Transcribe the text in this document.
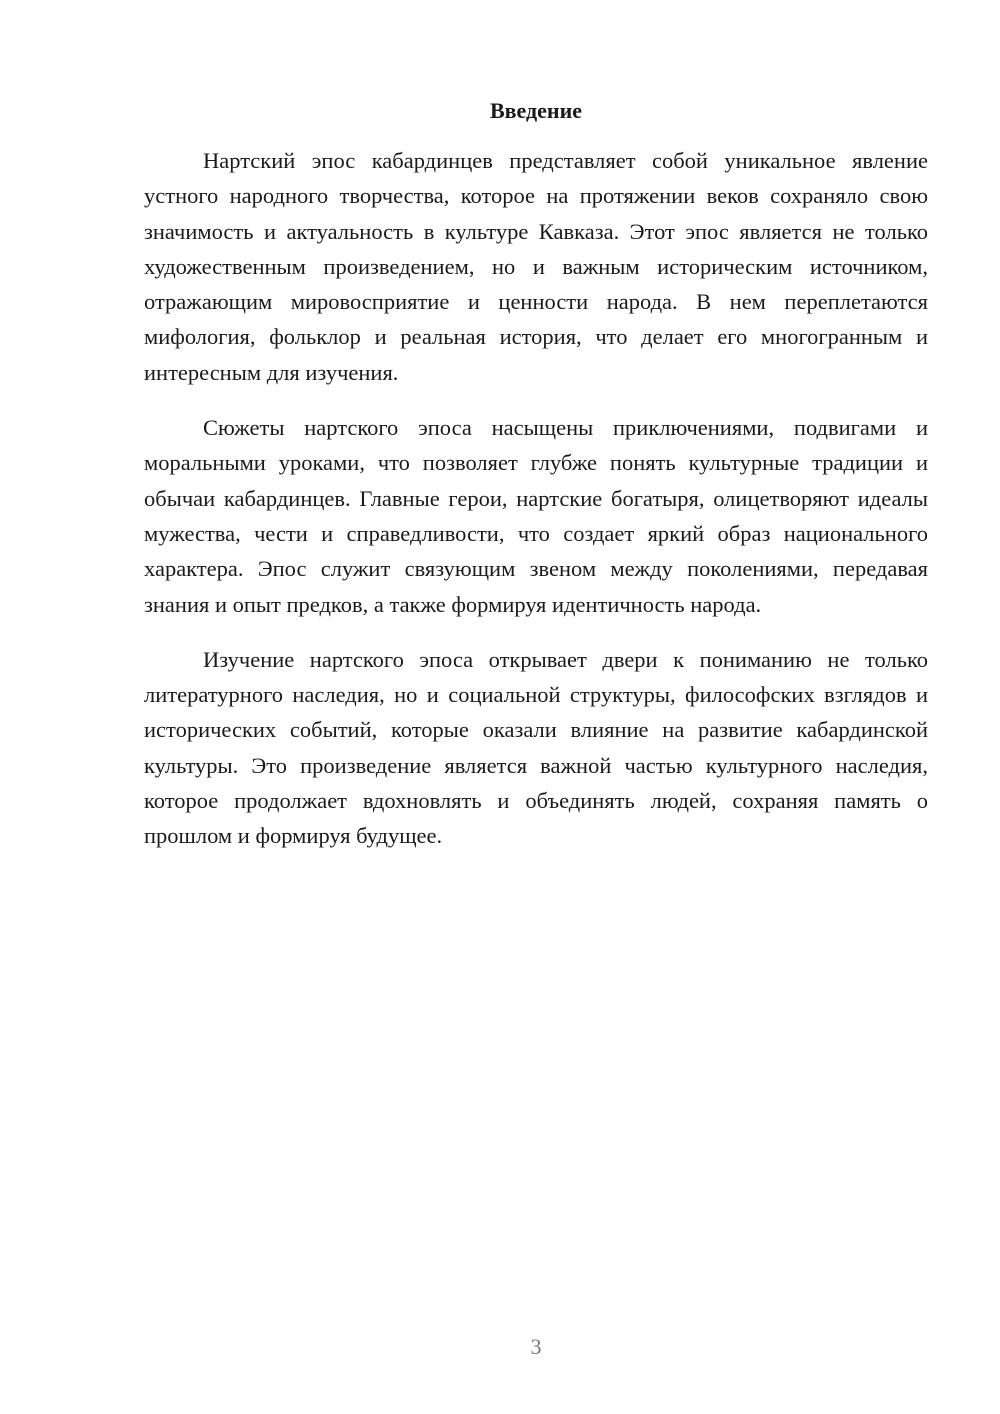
Введение

Нартский эпос кабардинцев представляет собой уникальное явление устного народного творчества, которое на протяжении веков сохраняло свою значимость и актуальность в культуре Кавказа. Этот эпос является не только художественным произведением, но и важным историческим источником, отражающим мировосприятие и ценности народа. В нем переплетаются мифология, фольклор и реальная история, что делает его многогранным и интересным для изучения.

Сюжеты нартского эпоса насыщены приключениями, подвигами и моральными уроками, что позволяет глубже понять культурные традиции и обычаи кабардинцев. Главные герои, нартские богатыря, олицетворяют идеалы мужества, чести и справедливости, что создает яркий образ национального характера. Эпос служит связующим звеном между поколениями, передавая знания и опыт предков, а также формируя идентичность народа.

Изучение нартского эпоса открывает двери к пониманию не только литературного наследия, но и социальной структуры, философских взглядов и исторических событий, которые оказали влияние на развитие кабардинской культуры. Это произведение является важной частью культурного наследия, которое продолжает вдохновлять и объединять людей, сохраняя память о прошлом и формируя будущее.

3
